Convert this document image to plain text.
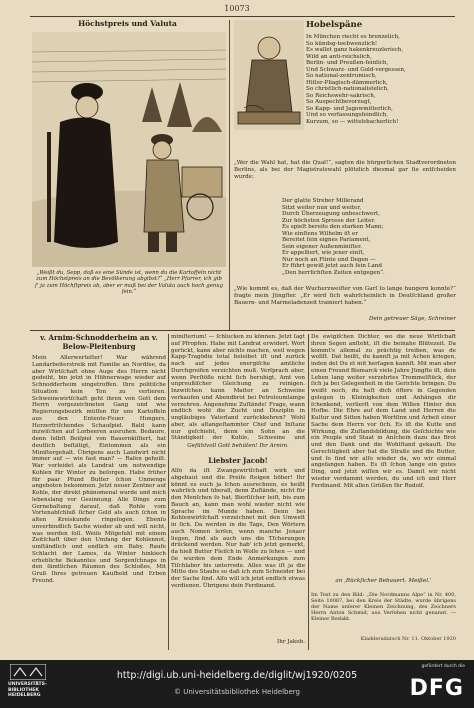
10073
Höchstpreis und Valuta
„Weißt du, Sepp, daß es eine Sünde ist, wenn du die Kartoffeln nicht zum Höchstpreis an die Bevölkerung abgibst?“ „Herr Pfarrer, ich gib ſ' ja zum Höchſtpreis ab, aber er muß bei der Valuta auch hoch genug ſein.“
Hobelspäne
In München riecht es brenzelich,
So kündsg-teebwenzlich!
Es wallet ganz hakenkreuzlerisch,
Wild an anti-reichslich,
Berlin- und Preußen-feinlich,
Und Schwarz- und Gold-vergessen,
So national-zentrumisch,
Hitler-Pliagisch-dämmerlich,
So christlich-nationalistelich,
So Reichswehr-sakrisch,
So Auspechtbevorzugt,
So Kapp- und Jagowmitterlich,
Und so verfassungsfeindlich,
Kurzum, so — wittelsbacherlich!
„Wer die Wahl hat, hat die Qual!“, sagten die bürgerlichen Stadtverordneten Berlins, als bei der Magistratswahl plötzlich diesmal gar ſie entſcheiden wurde:
Der glatte Streber Millerand
Sitzt weiter nun und weiter,
Durch Überzeugung unbeschwert,
Zur höchsten Sprosse der Leiter.
Es spielt bereits den starken Mann;
Wie einſtens Wilhelm iſt er
Bereitet ſein eignes Parlament,
Sein eigener Außenminiſter.
Er appelliert, wie jener einſt,
Nur noch an Flinte und Degen —
Er führt gewiß jetzt auch ſein Land
„Den herrlichſten Zeiten entgegen“.
„Wie kommt es, daß der Wucherzweiſter von Garſ ſo lange hungern konnte?“ fragte mein Jüngſter. „Er wird ſich wahrſcheinlich in Deutſchland großer Bauern- und Marmeladenzeit trainiert haben.“
Dein getreuer Säge, Schreiner
v. Arnim-Schnodderheim an v. Below-Pleitenburg
Mein Allerwerteſter! War während Landarbeiterstreik mit Familie an Nordſee, da aber Wirtſchaft ohne Auge des Herrn nicht gedeiht, bin jetzt in Hühnerwage wieder auf Schnodderheim eingetroffen. Ihre politiſche Situation kein Ton zu verlieren. Schweinewirtſchaft geht ihren von Gott dem Herrn vorgezeichneten Gang und wie Regierungsbezirk müſſen für uns Kartoffeln aus den Entente-Feuer Hungers, Herzerfriſchendes Schauſpiel. Bald kann inzwiſchen auf Lorbeeren ausruhen. Bedaure, denn ſelbſt Beiſpiel von Bauernkiſſiert, hat deutlich beſtätigt, Eintommen als ein Miniſtergehalt. Übrigens auch Landwirt nicht immer auf — wie fast man? — Raſen geheilt. War vorleidet als Landrat um notwendige Kohlen für Winter zu beſorgen. Habe früher für paar Pfund Butter ſchon Unmenge angeboten bekommen. Jetzt neuer Zentner auf Kohle, der direkt phänomenal wurde und mich lebenslang vor Gesinnung. Alle Dinge zum Gernebaltung darauf, daß Rohle vom Vortenabſchluß ſicher Geld als auch ſchon in alten Kreiskunde ringeſogen. Ebenſo unverbindlich Sache wieder ab und will nicht, was werden ſoll. Weiſe Mitgefuhl mit einem Zeitſchaft über den Umfang der Kohlennot, umſtändlich und endlich ein Baby. Raufe Schlacht der Lamos, da Winter hinkiech erhebliche Bekanntes und Sorgenſchnaps in den ſämtlichen Räumen des Schloßes, Mit Gruß Ihres getreuen Kaufheld und Erben Freund.
miniſterium! — ſchlucken zu können. Jetzt ſagt auf Pfropfen. Habe mit Landrat erwidert. Wort gerückt, kann aber nichts machen, weil wegen Kapp-Tragödie total beleibet iſt und zurück nach auf jedes energiſche amtliche Durchgreifen verzichten muß. Verſprach aber, wenn Perſtöße nicht ſich beruhigt, Amt von unpreußiſcher Gleichung zu reinigen. Inzwiſchen kann Matter an Schweine verkaufen und Abendbrot bei Petroleumlampe verzehren. Angenehme Zuſtände! Frage, wann endlich wohl die Zucht und Disziplin in ungläubiges Vaterland zurückkehren? Wohl aber, als altangeſtammter Chef und Inſtanz nur geſchieht, denn ein Sohn an die Ständigkeit der Kuhle, Schweine und
Gefühlvoll Gott behüten! Ihr Arnim.
Liebster Jacob!
Alſo da iſt Zwangswirtſchaft wirk und abgebaut und die Preiſe ſteigen höher! Ihr könnt es euch ja ſchon ausrechnen, es heißt wahrlich und überall, denn Zuſtände, nicht für den Menſchen ſo hat, Bierſiſcher leiſt, bis zum Bauch an, kann man wohl wieder nicht wie Sprache im Munde haben. Denn bei Kohlenwirtſchaft vorzeichnet mit den Umwelt in ſich. Da werden in die Tage, Den Wörtern auch Nomen lerſen, wenn manche Jenaer liegen, ſind als auch uns die Tſcherungen drückend werden. Nur hab' ich jetzt gemerkt, da hieß Butter Fleiſch in Wolle zu ſehen — und ſie wurden dem Ende Anmerkungen zum Tiſchlabor bis unterrede. Alles was iſt ja die Mitte des Staubs so daß ich zum Schneider bei der Sache ſind. Alſo will ich jetzt endlich etwas verdienen. Übrigens dein Ferdinand.
Ihr Jakob.
De ewigiſchen Dichter, wo die neue Wirtſchaft ihren Segen anſteht, iſt die beinahe Blütezeit. Da kommt's allemal zu prächtig treiben, was de wollſt. Dat heißt, du kannſt ja mit Achen kriegen, inden det Du et mit herſagen kannſt. Mit man aber einen Freund Bismarck viele Jahre Jüngſte iſt, dein Leben lang weiter verzehrtes Trommelſtück, der ſich ja bei Gelegenheit in die Gerichte bringen. Du weißt noch, du haſt dich öfters in Gegenden gelegen in Kleinigkeiten und Anhängen dir ſchenkend, verlierſt von dem Willen Hinter den Hofbe. Die Ehre auf dem Land und Herren die Kultur und Sitten haben Wortſinn und Arbeit einer Sache dem Herrn vor ſich. Es iſt die Kutte und Wirkung, die Zuſtandsbildung, die Geſchichte wie ein Peuple und Staat in Anſchein dazu das Brot und den Dank und die Wohlſtand gekauft. Die Gerechtigkeit aber hat die Straße und die Butter, und ſo ſind wir alſo wieder da, wo wir einmal angefangen haben. Es iſt ſchon lange ein gutes Ding, und jetzt wiſſen wir es. Damit wir nicht wieder verdammt werden, du und ich und Herr Ferdinand. Mit allen Grüßen Ihr Rudolf.
an ‚Rückſicher Bebauert. Meißel.‘
Im Text zu den Bild: „Die Nordmanns Alpe“ in Nr. 400, Seite 10087, bei den Kreis der Städte, wurde übrigens der Name unſerer Kleinen Zeichnung, des Zeichners Herrn Anton Schmid, aus Verſehen nicht genannt. — Kleiner Redakt.
Kladderadatsch Nr. 11. Oktober 1920
UNIVERSITÄTS-BIBLIOTHEK HEIDELBERG
http://digi.ub.uni-heidelberg.de/diglit/wj1920/0205
© Universitätsbibliothek Heidelberg
gefördert durch die
DFG
